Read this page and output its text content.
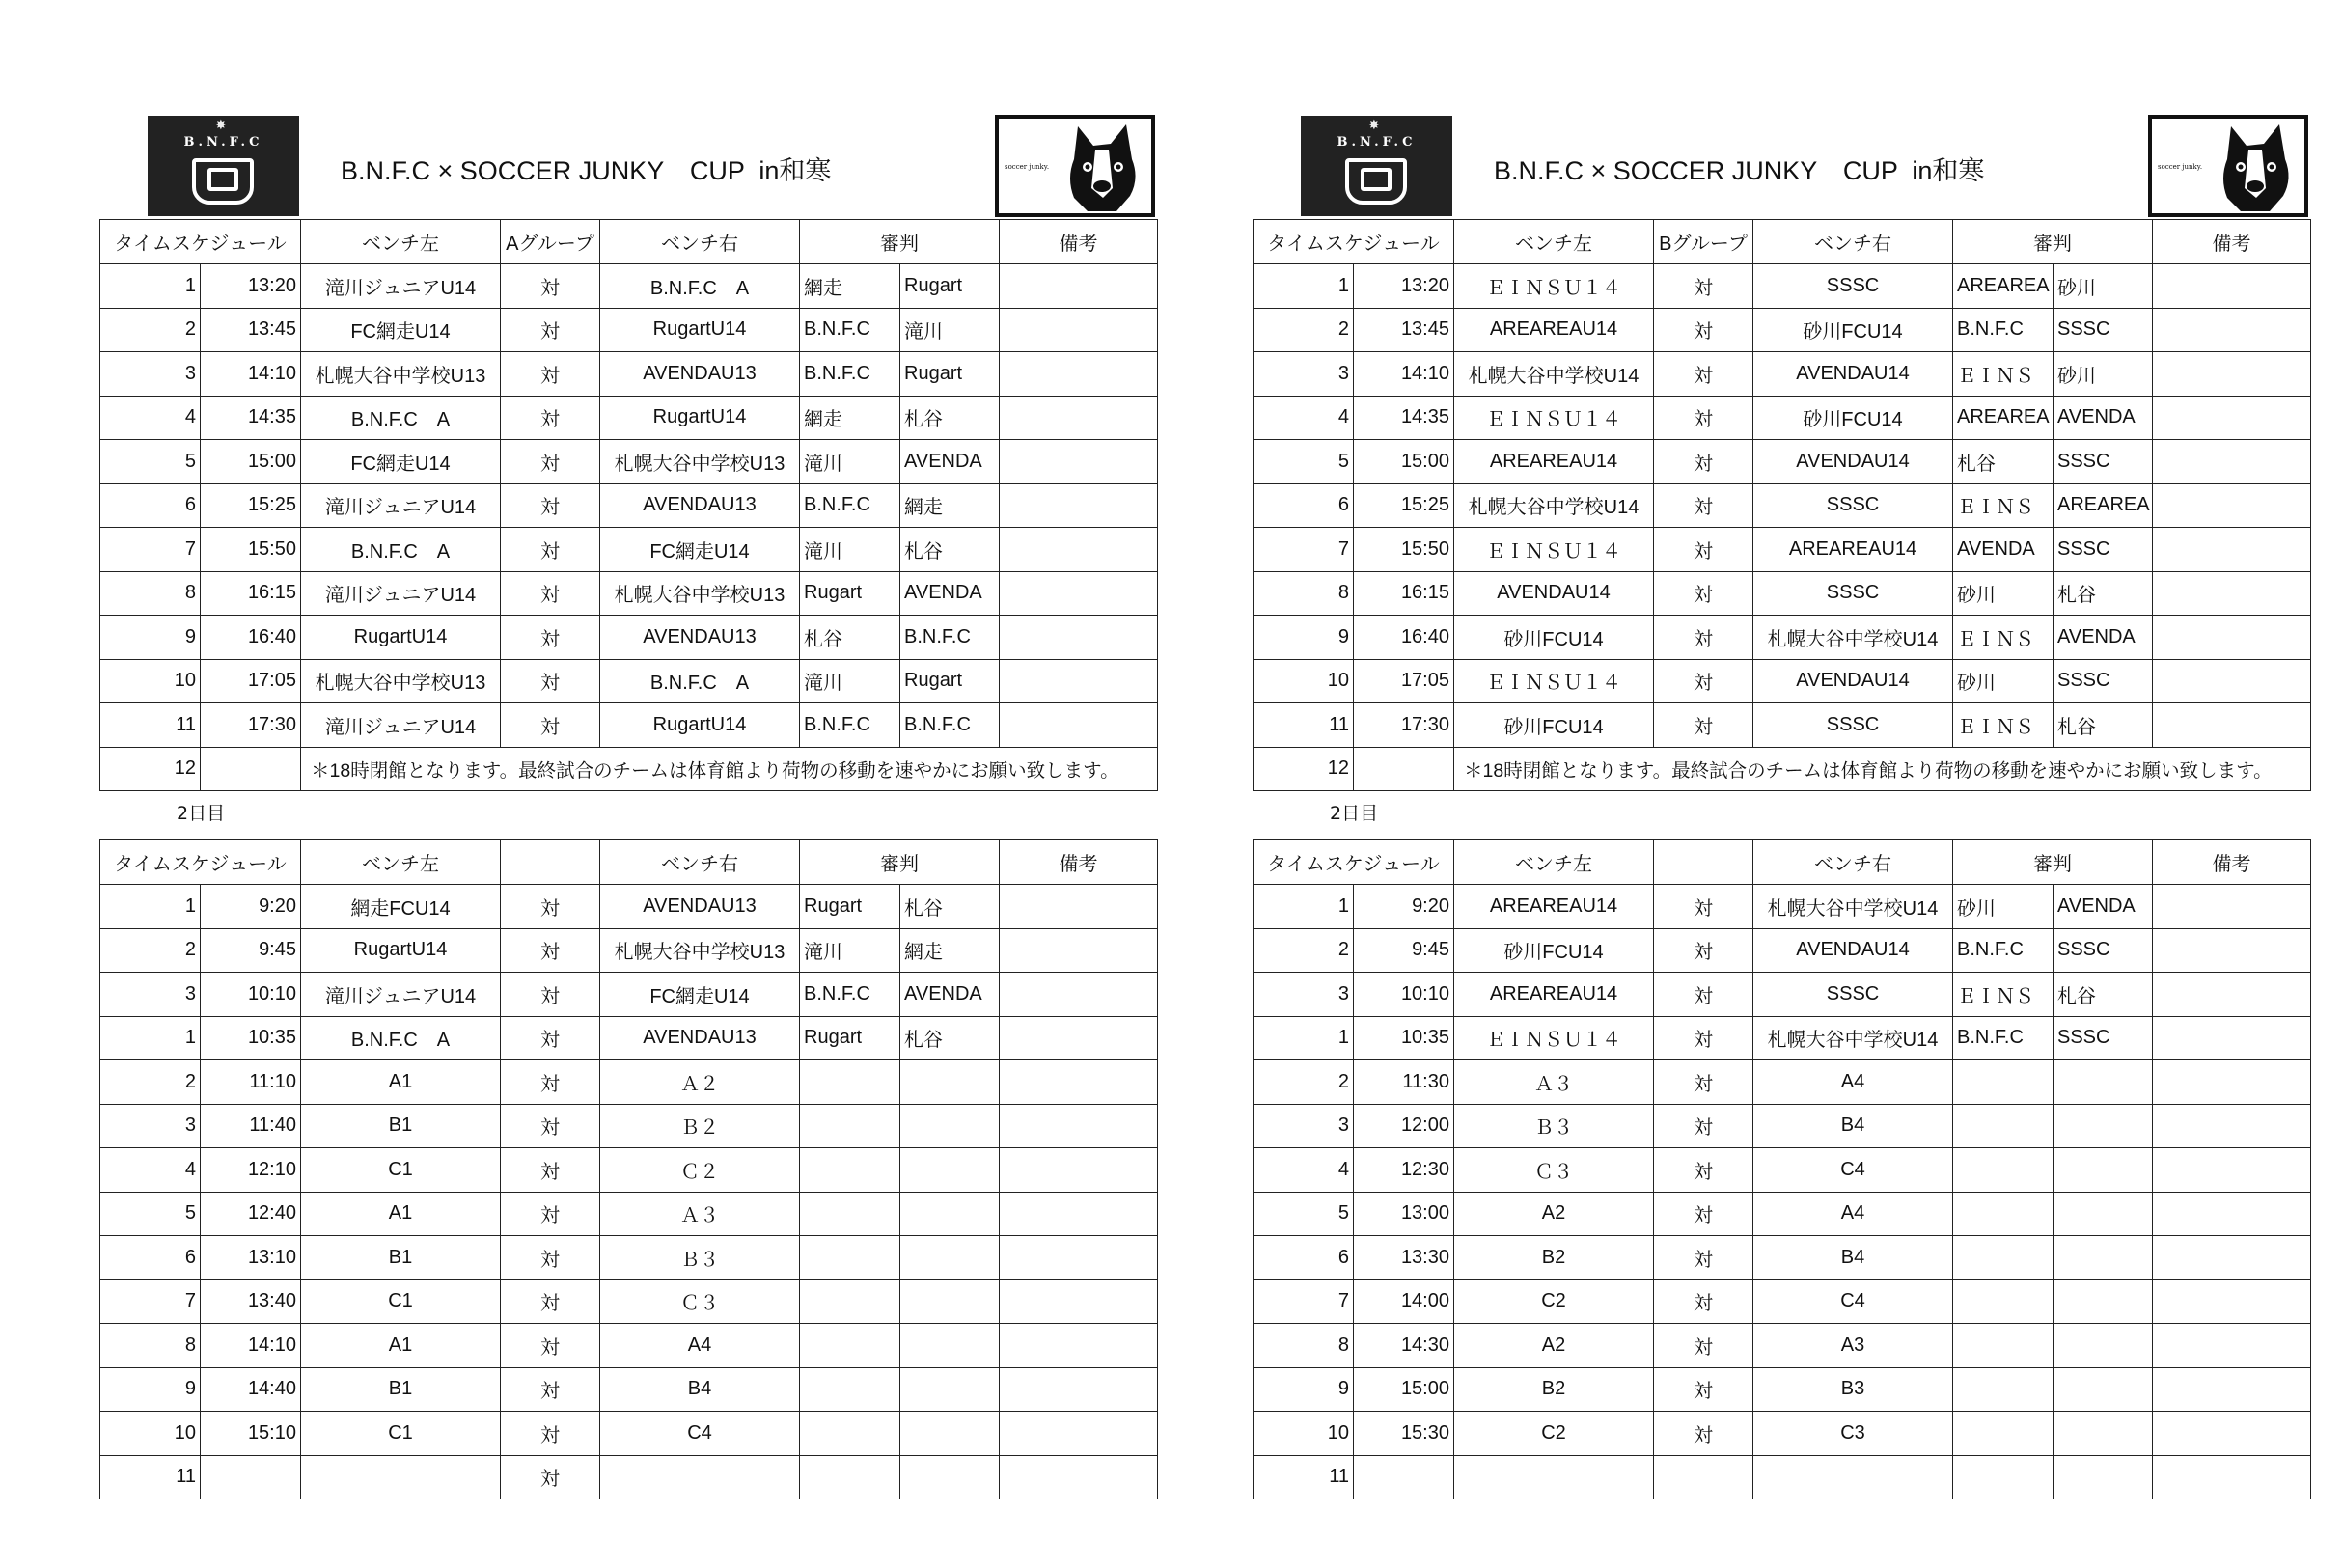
✸
B.N.F.C
B.N.F.C × SOCCER JUNKY　CUP  in和寒	soccer junky.
タイムスケジュール		ベンチ左	Aグループ	ベンチ右	審判		備考
1	13:20	滝川ジュニアU14	対	B.N.F.C　A	網走	Rugart	
2	13:45	FC網走U14	対	RugartU14	B.N.F.C	滝川	
3	14:10	札幌大谷中学校U13	対	AVENDAU13	B.N.F.C	Rugart	
4	14:35	B.N.F.C　A	対	RugartU14	網走	札谷	
5	15:00	FC網走U14	対	札幌大谷中学校U13	滝川	AVENDA	
6	15:25	滝川ジュニアU14	対	AVENDAU13	B.N.F.C	網走	
7	15:50	B.N.F.C　A	対	FC網走U14	滝川	札谷	
8	16:15	滝川ジュニアU14	対	札幌大谷中学校U13	Rugart	AVENDA	
9	16:40	RugartU14	対	AVENDAU13	札谷	B.N.F.C	
10	17:05	札幌大谷中学校U13	対	B.N.F.C　A	滝川	Rugart	
11	17:30	滝川ジュニアU14	対	RugartU14	B.N.F.C	B.N.F.C	
12		＊18時閉館となります。最終試合のチームは体育館より荷物の移動を速やかにお願い致します。					
✸
B.N.F.C
B.N.F.C × SOCCER JUNKY　CUP  in和寒	soccer junky.
タイムスケジュール		ベンチ左	Bグループ	ベンチ右	審判		備考
1	13:20	ＥＩＮＳＵ１４	対	SSSC	AREAREA	砂川	
2	13:45	AREAREAU14	対	砂川FCU14	B.N.F.C	SSSC	
3	14:10	札幌大谷中学校U14	対	AVENDAU14	ＥＩＮＳ	砂川	
4	14:35	ＥＩＮＳＵ１４	対	砂川FCU14	AREAREA	AVENDA	
5	15:00	AREAREAU14	対	AVENDAU14	札谷	SSSC	
6	15:25	札幌大谷中学校U14	対	SSSC	ＥＩＮＳ	AREAREA	
7	15:50	ＥＩＮＳＵ１４	対	AREAREAU14	AVENDA	SSSC	
8	16:15	AVENDAU14	対	SSSC	砂川	札谷	
9	16:40	砂川FCU14	対	札幌大谷中学校U14	ＥＩＮＳ	AVENDA	
10	17:05	ＥＩＮＳＵ１４	対	AVENDAU14	砂川	SSSC	
11	17:30	砂川FCU14	対	SSSC	ＥＩＮＳ	札谷	
12		＊18時閉館となります。最終試合のチームは体育館より荷物の移動を速やかにお願い致します。					
2日目
タイムスケジュール		ベンチ左		ベンチ右	審判		備考
1	9:20	網走FCU14	対	AVENDAU13	Rugart	札谷	
2	9:45	RugartU14	対	札幌大谷中学校U13	滝川	網走	
3	10:10	滝川ジュニアU14	対	FC網走U14	B.N.F.C	AVENDA	
1	10:35	B.N.F.C　A	対	AVENDAU13	Rugart	札谷	
2	11:10	A1	対	Ａ２			
3	11:40	B1	対	Ｂ２			
4	12:10	C1	対	Ｃ２			
5	12:40	A1	対	Ａ３			
6	13:10	B1	対	Ｂ３			
7	13:40	C1	対	Ｃ３			
8	14:10	A1	対	A4			
9	14:40	B1	対	B4			
10	15:10	C1	対	C4			
11			対				
2日目
タイムスケジュール		ベンチ左		ベンチ右	審判		備考
1	9:20	AREAREAU14	対	札幌大谷中学校U14	砂川	AVENDA	
2	9:45	砂川FCU14	対	AVENDAU14	B.N.F.C	SSSC	
3	10:10	AREAREAU14	対	SSSC	ＥＩＮＳ	札谷	
1	10:35	ＥＩＮＳＵ１４	対	札幌大谷中学校U14	B.N.F.C	SSSC	
2	11:30	Ａ３	対	A4			
3	12:00	Ｂ３	対	B4			
4	12:30	Ｃ３	対	C4			
5	13:00	A2	対	A4			
6	13:30	B2	対	B4			
7	14:00	C2	対	C4			
8	14:30	A2	対	A3			
9	15:00	B2	対	B3			
10	15:30	C2	対	C3			
11							
